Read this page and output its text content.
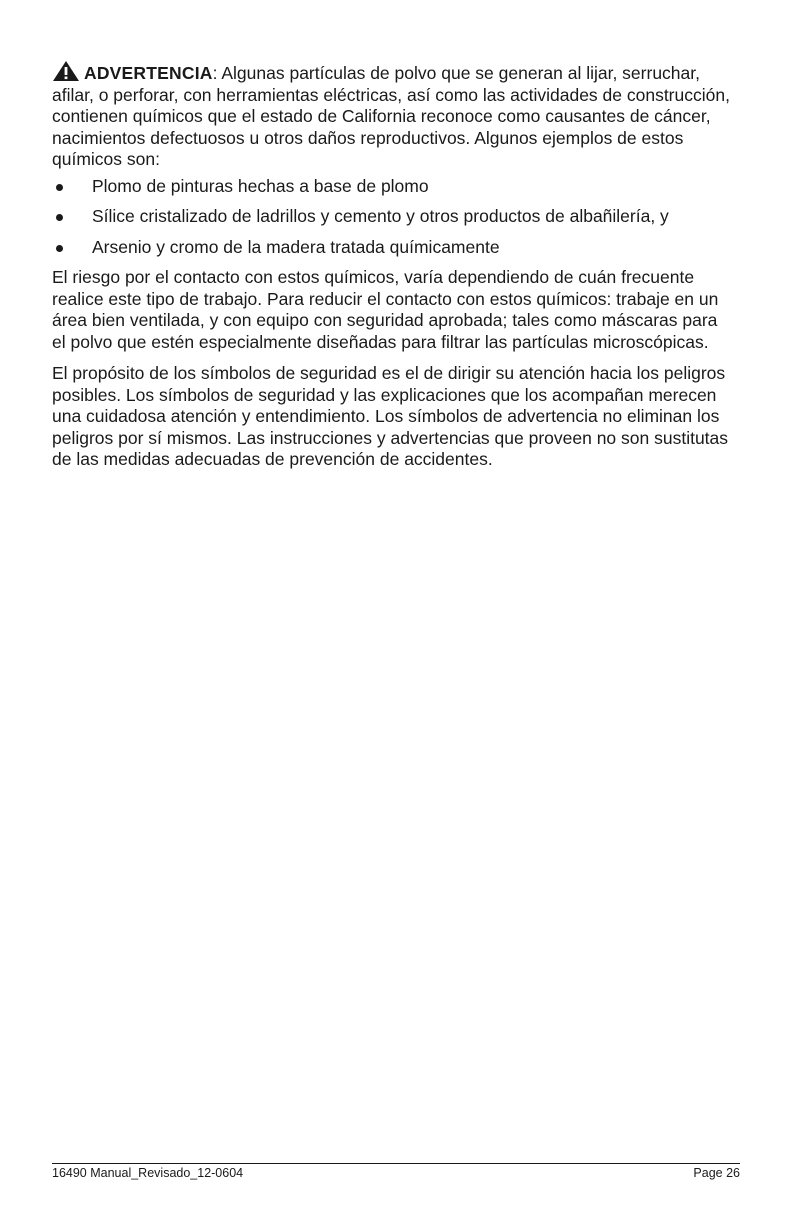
ADVERTENCIA: Algunas partículas de polvo que se generan al lijar, serruchar, afilar, o perforar, con herramientas eléctricas, así como las actividades de construcción, contienen químicos que el estado de California reconoce como causantes de cáncer, nacimientos defectuosos u otros daños reproductivos. Algunos ejemplos de estos químicos son:

Plomo de pinturas hechas a base de plomo
Sílice cristalizado de ladrillos y cemento y otros productos de albañilería, y
Arsenio y cromo de la madera tratada químicamente

El riesgo por el contacto con estos químicos, varía dependiendo de cuán frecuente realice este tipo de trabajo. Para reducir el contacto con estos químicos: trabaje en un área bien ventilada, y con equipo con seguridad aprobada; tales como máscaras para el polvo que estén especialmente diseñadas para filtrar las partículas microscópicas.

El propósito de los símbolos de seguridad es el de dirigir su atención hacia los peligros posibles. Los símbolos de seguridad y las explicaciones que los acompañan merecen una cuidadosa atención y entendimiento. Los símbolos de advertencia no eliminan los peligros por sí mismos. Las instrucciones y advertencias que proveen no son sustitutas de las medidas adecuadas de prevención de accidentes.

16490 Manual_Revisado_12-0604	Page 26
